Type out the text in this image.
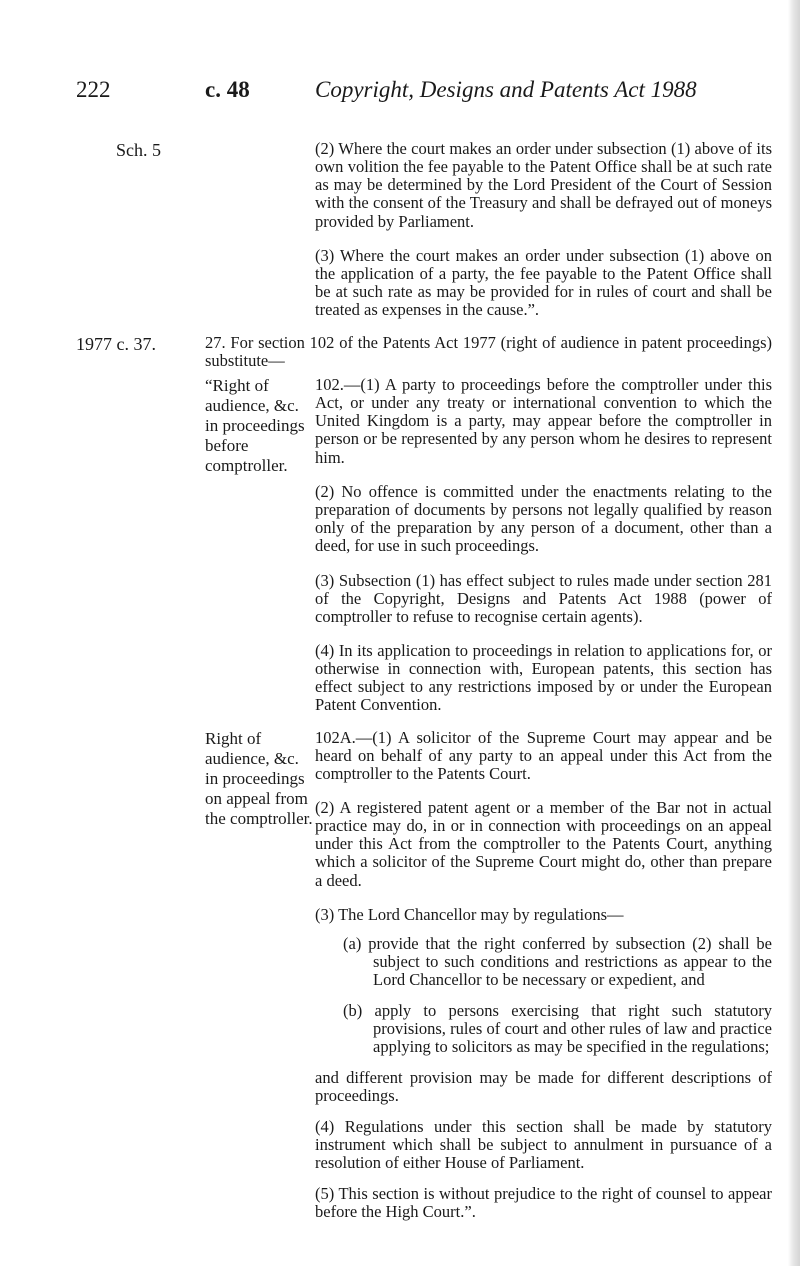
222	c. 48	Copyright, Designs and Patents Act 1988
Sch. 5
1977 c. 37.
“Right of audience, &c. in proceedings before comptroller.
Right of audience, &c. in proceedings on appeal from the comptroller.

(2) Where the court makes an order under subsection (1) above of its own volition the fee payable to the Patent Office shall be at such rate as may be determined by the Lord President of the Court of Session with the consent of the Treasury and shall be defrayed out of moneys provided by Parliament.

(3) Where the court makes an order under subsection (1) above on the application of a party, the fee payable to the Patent Office shall be at such rate as may be provided for in rules of court and shall be treated as expenses in the cause.”.

27. For section 102 of the Patents Act 1977 (right of audience in patent proceedings) substitute—

102.—(1) A party to proceedings before the comptroller under this Act, or under any treaty or international convention to which the United Kingdom is a party, may appear before the comptroller in person or be represented by any person whom he desires to represent him.

(2) No offence is committed under the enactments relating to the preparation of documents by persons not legally qualified by reason only of the preparation by any person of a document, other than a deed, for use in such proceedings.

(3) Subsection (1) has effect subject to rules made under section 281 of the Copyright, Designs and Patents Act 1988 (power of comptroller to refuse to recognise certain agents).

(4) In its application to proceedings in relation to applications for, or otherwise in connection with, European patents, this section has effect subject to any restrictions imposed by or under the European Patent Convention.

102A.—(1) A solicitor of the Supreme Court may appear and be heard on behalf of any party to an appeal under this Act from the comptroller to the Patents Court.

(2) A registered patent agent or a member of the Bar not in actual practice may do, in or in connection with proceedings on an appeal under this Act from the comptroller to the Patents Court, anything which a solicitor of the Supreme Court might do, other than prepare a deed.

(3) The Lord Chancellor may by regulations—

(a) provide that the right conferred by subsection (2) shall be subject to such conditions and restrictions as appear to the Lord Chancellor to be necessary or expedient, and

(b) apply to persons exercising that right such statutory provisions, rules of court and other rules of law and practice applying to solicitors as may be specified in the regulations;

and different provision may be made for different descriptions of proceedings.

(4) Regulations under this section shall be made by statutory instrument which shall be subject to annulment in pursuance of a resolution of either House of Parliament.

(5) This section is without prejudice to the right of counsel to appear before the High Court.”.
